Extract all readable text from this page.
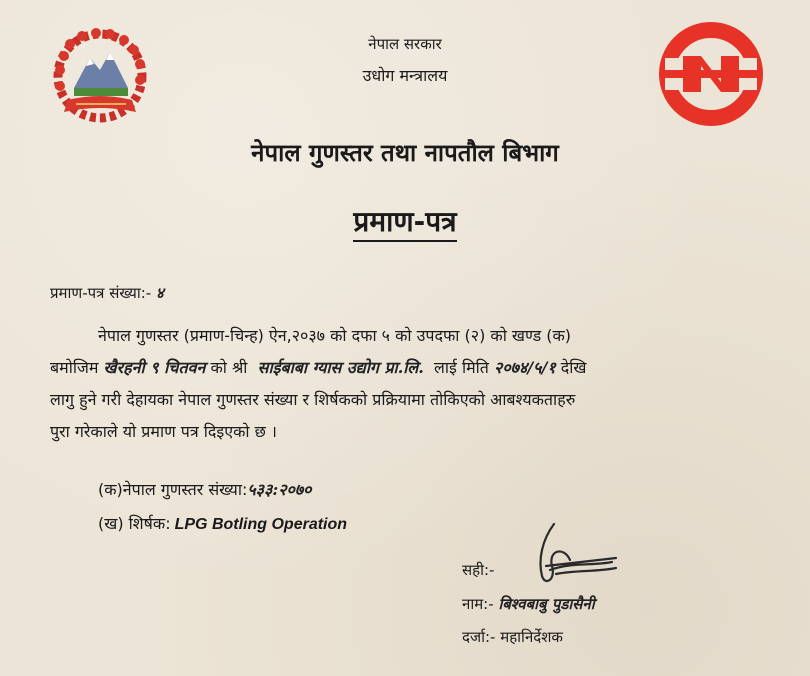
नेपाल सरकार
उधोग मन्त्रालय
नेपाल गुणस्तर तथा नापतौल बिभाग
प्रमाण-पत्र
प्रमाण-पत्र संख्या:- ४
नेपाल गुणस्तर (प्रमाण-चिन्ह) ऐन,२०३७ को दफा ५ को उपदफा (२) को खण्ड (क)
बमोजिम खैरहनी ९ चितवन को श्री साईबाबा ग्यास उद्योग प्रा.लि. लाई मिति २०७४/५/१ देखि
लागु हुने गरी देहायका नेपाल गुणस्तर संख्या र शिर्षकको प्रक्रियामा तोकिएको आबश्यकताहरु
पुरा गरेकाले यो प्रमाण पत्र दिइएको छ ।
(क)नेपाल गुणस्तर संख्या:५३३:२०७०
(ख) शिर्षक: LPG Botling Operation
सही:-
नाम:- बिश्वबाबु पुडासैनी
दर्जा:- महानिर्देशक
